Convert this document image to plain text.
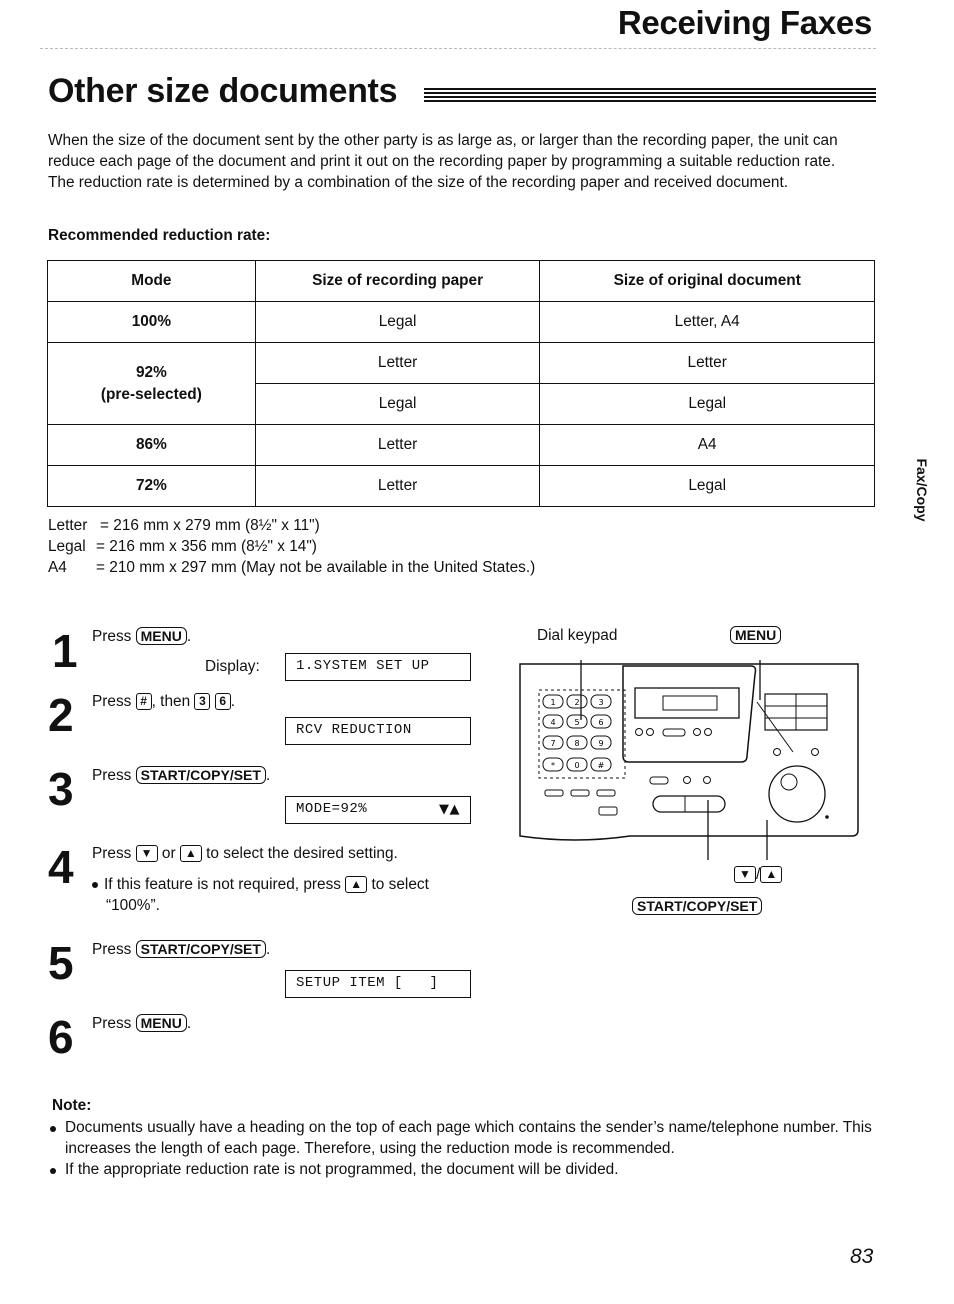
Receiving Faxes
Other size documents

When the size of the document sent by the other party is as large as, or larger than the recording paper, the unit can reduce each page of the document and print it out on the recording paper by programming a suitable reduction rate.

The reduction rate is determined by a combination of the size of the recording paper and received document.

Recommended reduction rate:
Mode	Size of recording paper	Size of original document
100%	Legal	Letter, A4

92%
(pre-selected)	Letter	Letter
	Legal	Legal
86%	Letter	A4
72%	Letter	Legal
Letter = 216 mm x 279 mm (8½" x 11")
Legal = 216 mm x 356 mm (8½" x 14")
A4	= 210 mm x 297 mm (May not be available in the United States.)
Fax/Copy
1 Press MENU .
Display:	1.SYSTEM SET UP
2 Press # , then 3 6 .
RCV REDUCTION
3 Press START/COPY/SET .
MODE=92%	▼▲
4 Press ▼ or ▲ to select the desired setting.
If this feature is not required, press ▲ to select
“100%”.
5 Press START/COPY/SET .
SETUP ITEM [   ]
6 Press MENU .
Dial keypad	MENU
▼ / ▲
START/COPY/SET
1 2 3
4 5 6
7 8 9
* 0 #
Note:
Documents usually have a heading on the top of each page which contains the sender’s name/telephone number. This increases the length of each page. Therefore, using the reduction mode is recommended.
If the appropriate reduction rate is not programmed, the document will be divided.
83
